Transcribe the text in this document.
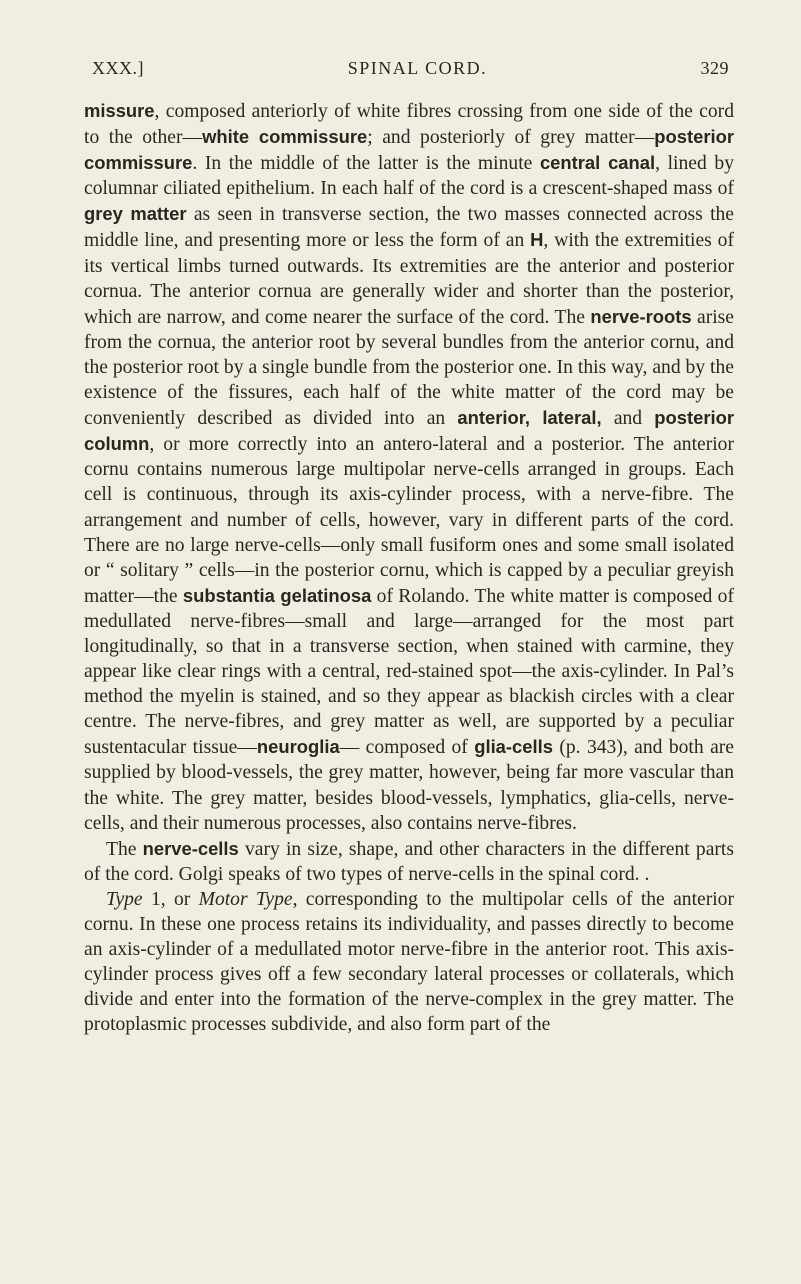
XXX.]	SPINAL CORD.	329

missure, composed anteriorly of white fibres crossing from one side of the cord to the other—white commissure; and posteriorly of grey matter—posterior commissure. In the middle of the latter is the minute central canal, lined by columnar ciliated epithelium. In each half of the cord is a crescent-shaped mass of grey matter as seen in transverse section, the two masses connected across the middle line, and presenting more or less the form of an H, with the extremities of its vertical limbs turned outwards. Its extremities are the anterior and posterior cornua. The anterior cornua are generally wider and shorter than the posterior, which are narrow, and come nearer the surface of the cord. The nerve-roots arise from the cornua, the anterior root by several bundles from the anterior cornu, and the posterior root by a single bundle from the posterior one. In this way, and by the existence of the fissures, each half of the white matter of the cord may be conveniently described as divided into an anterior, lateral, and posterior column, or more correctly into an antero-lateral and a posterior. The anterior cornu contains numerous large multipolar nerve-cells arranged in groups. Each cell is continuous, through its axis-cylinder process, with a nerve-fibre. The arrangement and number of cells, however, vary in different parts of the cord. There are no large nerve-cells—only small fusiform ones and some small isolated or “ solitary ” cells—in the posterior cornu, which is capped by a peculiar greyish matter—the substantia gelatinosa of Rolando. The white matter is composed of medullated nerve-fibres—small and large—arranged for the most part longitudinally, so that in a transverse section, when stained with carmine, they appear like clear rings with a central, red-stained spot—the axis-cylinder. In Pal’s method the myelin is stained, and so they appear as blackish circles with a clear centre. The nerve-fibres, and grey matter as well, are supported by a peculiar sustentacular tissue—neuroglia— composed of glia-cells (p. 343), and both are supplied by blood-vessels, the grey matter, however, being far more vascular than the white. The grey matter, besides blood-vessels, lymphatics, glia-cells, nerve-cells, and their numerous processes, also contains nerve-fibres.

The nerve-cells vary in size, shape, and other characters in the different parts of the cord. Golgi speaks of two types of nerve-cells in the spinal cord. .

Type 1, or Motor Type, corresponding to the multipolar cells of the anterior cornu. In these one process retains its individuality, and passes directly to become an axis-cylinder of a medullated motor nerve-fibre in the anterior root. This axis-cylinder process gives off a few secondary lateral processes or collaterals, which divide and enter into the formation of the nerve-complex in the grey matter. The protoplasmic processes subdivide, and also form part of the
